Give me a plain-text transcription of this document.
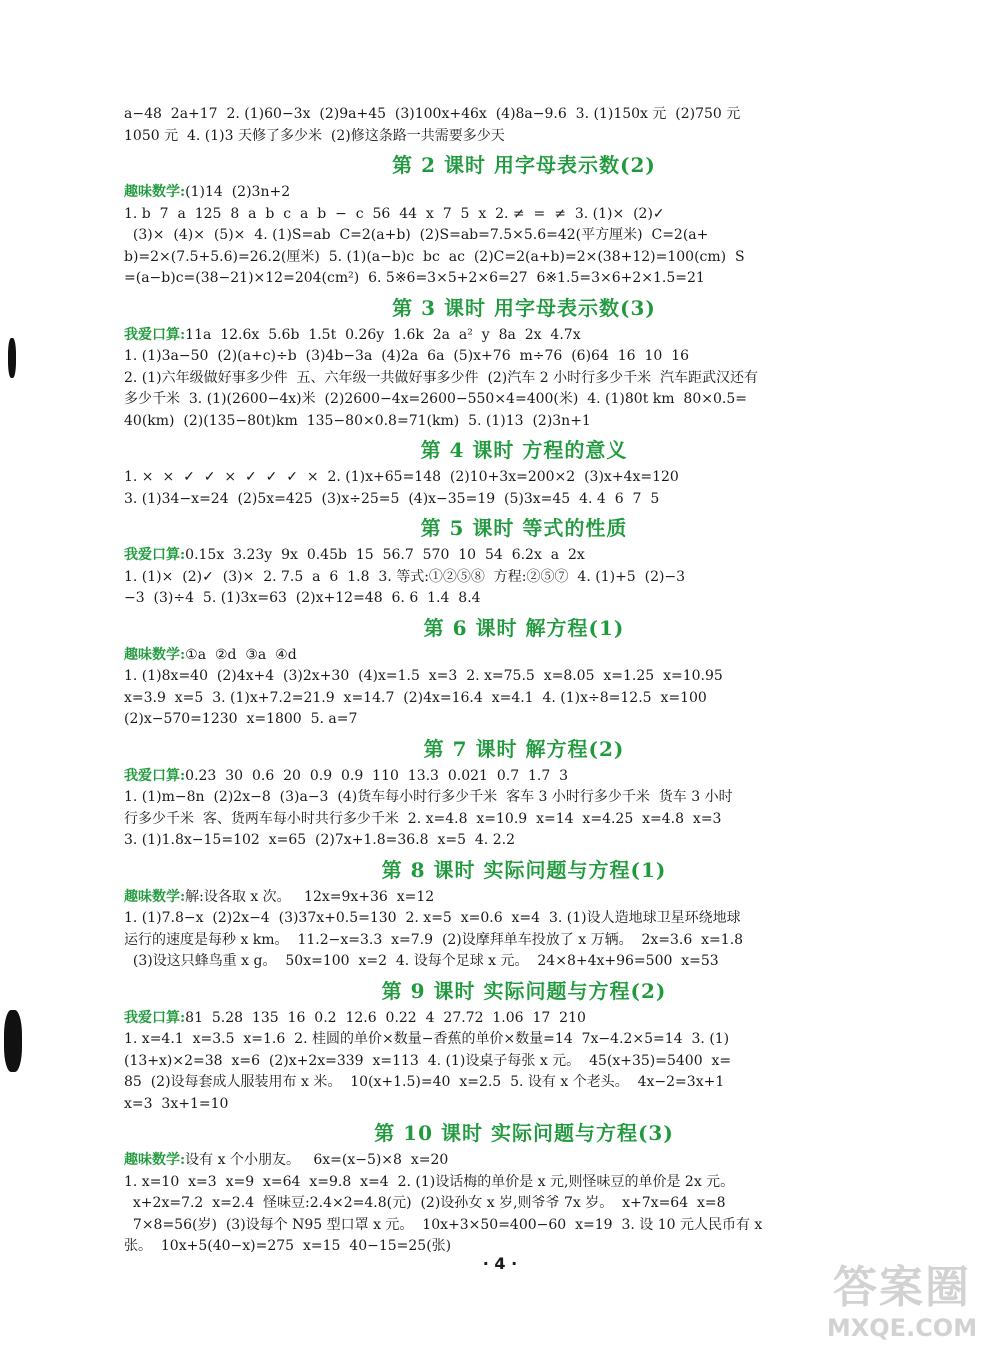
a−48  2a+17  2. (1)60−3x  (2)9a+45  (3)100x+46x  (4)8a−9.6  3. (1)150x 元  (2)750 元

1050 元  4. (1)3 天修了多少米  (2)修这条路一共需要多少天

第 2 课时 用字母表示数(2)

趣味数学:(1)14  (2)3n+2

1. b  7  a  125  8  a  b  c  a  b  −  c  56  44  x  7  5  x  2. ≠  =  ≠  3. (1)×  (2)✓

(3)×  (4)×  (5)×  4. (1)S=ab  C=2(a+b)  (2)S=ab=7.5×5.6=42(平方厘米)  C=2(a+

b)=2×(7.5+5.6)=26.2(厘米)  5. (1)(a−b)c  bc  ac  (2)C=2(a+b)=2×(38+12)=100(cm)  S

=(a−b)c=(38−21)×12=204(cm²)  6. 5※6=3×5+2×6=27  6※1.5=3×6+2×1.5=21

第 3 课时 用字母表示数(3)

我爱口算:11a  12.6x  5.6b  1.5t  0.26y  1.6k  2a  a²  y  8a  2x  4.7x

1. (1)3a−50  (2)(a+c)÷b  (3)4b−3a  (4)2a  6a  (5)x+76  m÷76  (6)64  16  10  16

2. (1)六年级做好事多少件  五、六年级一共做好事多少件  (2)汽车 2 小时行多少千米  汽车距武汉还有

多少千米  3. (1)(2600−4x)米  (2)2600−4x=2600−550×4=400(米)  4. (1)80t km  80×0.5=

40(km)  (2)(135−80t)km  135−80×0.8=71(km)  5. (1)13  (2)3n+1

第 4 课时 方程的意义

1. ×  ×  ✓  ✓  ×  ✓  ✓  ✓  ×  2. (1)x+65=148  (2)10+3x=200×2  (3)x+4x=120

3. (1)34−x=24  (2)5x=425  (3)x÷25=5  (4)x−35=19  (5)3x=45  4. 4  6  7  5

第 5 课时 等式的性质

我爱口算:0.15x  3.23y  9x  0.45b  15  56.7  570  10  54  6.2x  a  2x

1. (1)×  (2)✓  (3)×  2. 7.5  a  6  1.8  3. 等式:①②⑤⑧  方程:②⑤⑦  4. (1)+5  (2)−3

−3  (3)÷4  5. (1)3x=63  (2)x+12=48  6. 6  1.4  8.4

第 6 课时 解方程(1)

趣味数学:①a  ②d  ③a  ④d

1. (1)8x=40  (2)4x+4  (3)2x+30  (4)x=1.5  x=3  2. x=75.5  x=8.05  x=1.25  x=10.95

x=3.9  x=5  3. (1)x+7.2=21.9  x=14.7  (2)4x=16.4  x=4.1  4. (1)x÷8=12.5  x=100

(2)x−570=1230  x=1800  5. a=7

第 7 课时 解方程(2)

我爱口算:0.23  30  0.6  20  0.9  0.9  110  13.3  0.021  0.7  1.7  3

1. (1)m−8n  (2)2x−8  (3)a−3  (4)货车每小时行多少千米  客车 3 小时行多少千米  货车 3 小时

行多少千米  客、货两车每小时共行多少千米  2. x=4.8  x=10.9  x=14  x=4.25  x=4.8  x=3

3. (1)1.8x−15=102  x=65  (2)7x+1.8=36.8  x=5  4. 2.2

第 8 课时 实际问题与方程(1)

趣味数学:解:设各取 x 次。   12x=9x+36  x=12

1. (1)7.8−x  (2)2x−4  (3)37x+0.5=130  2. x=5  x=0.6  x=4  3. (1)设人造地球卫星环绕地球

运行的速度是每秒 x km。  11.2−x=3.3  x=7.9  (2)设摩拜单车投放了 x 万辆。  2x=3.6  x=1.8

(3)设这只蜂鸟重 x g。  50x=100  x=2  4. 设每个足球 x 元。  24×8+4x+96=500  x=53

第 9 课时 实际问题与方程(2)

我爱口算:81  5.28  135  16  0.2  12.6  0.22  4  27.72  1.06  17  210

1. x=4.1  x=3.5  x=1.6  2. 桂圆的单价×数量−香蕉的单价×数量=14  7x−4.2×5=14  3. (1)

(13+x)×2=38  x=6  (2)x+2x=339  x=113  4. (1)设桌子每张 x 元。  45(x+35)=5400  x=

85  (2)设每套成人服装用布 x 米。  10(x+1.5)=40  x=2.5  5. 设有 x 个老头。  4x−2=3x+1

x=3  3x+1=10

第 10 课时 实际问题与方程(3)

趣味数学:设有 x 个小朋友。   6x=(x−5)×8  x=20

1. x=10  x=3  x=9  x=64  x=9.8  x=4  2. (1)设话梅的单价是 x 元,则怪味豆的单价是 2x 元。

x+2x=7.2  x=2.4  怪味豆:2.4×2=4.8(元)  (2)设孙女 x 岁,则爷爷 7x 岁。  x+7x=64  x=8

7×8=56(岁)  (3)设每个 N95 型口罩 x 元。  10x+3×50=400−60  x=19  3. 设 10 元人民币有 x

张。  10x+5(40−x)=275  x=15  40−15=25(张)

· 4 ·	答案圈
MXQE.COM
